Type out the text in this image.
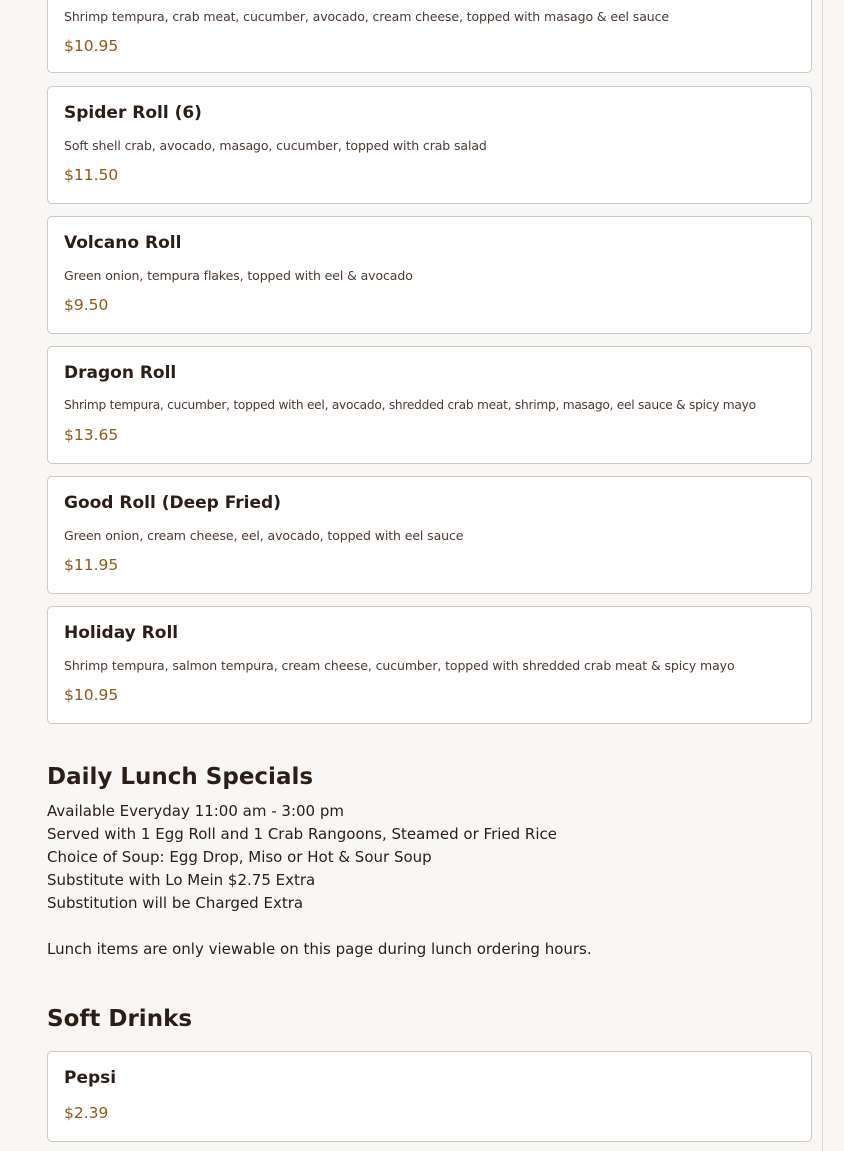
Shrimp tempura, crab meat, cucumber, avocado, cream cheese, topped with masago & eel sauce
$10.95
Spider Roll (6)
Soft shell crab, avocado, masago, cucumber, topped with crab salad
$11.50
Volcano Roll
Green onion, tempura flakes, topped with eel & avocado
$9.50
Dragon Roll
Shrimp tempura, cucumber, topped with eel, avocado, shredded crab meat, shrimp, masago, eel sauce & spicy mayo
$13.65
Good Roll (Deep Fried)
Green onion, cream cheese, eel, avocado, topped with eel sauce
$11.95
Holiday Roll
Shrimp tempura, salmon tempura, cream cheese, cucumber, topped with shredded crab meat & spicy mayo
$10.95
Daily Lunch Specials
Available Everyday 11:00 am - 3:00 pm
Served with 1 Egg Roll and 1 Crab Rangoons, Steamed or Fried Rice
Choice of Soup: Egg Drop, Miso or Hot & Sour Soup
Substitute with Lo Mein $2.75 Extra
Substitution will be Charged Extra
Lunch items are only viewable on this page during lunch ordering hours.
Soft Drinks
Pepsi
$2.39
